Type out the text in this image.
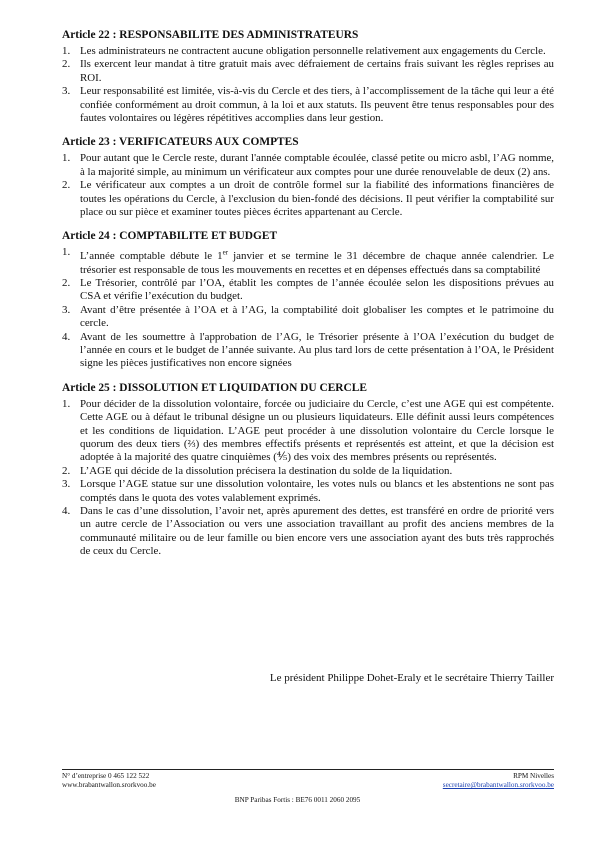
Article 22 : RESPONSABILITE DES ADMINISTRATEURS
1. Les administrateurs ne contractent aucune obligation personnelle relativement aux engagements du Cercle.
2. Ils exercent leur mandat à titre gratuit mais avec défraiement de certains frais suivant les règles reprises au ROI.
3. Leur responsabilité est limitée, vis-à-vis du Cercle et des tiers, à l’accomplissement de la tâche qui leur a été confiée conformément au droit commun, à la loi et aux statuts. Ils peuvent être tenus responsables pour des fautes volontaires ou légères répétitives accomplies dans leur gestion.
Article 23 : VERIFICATEURS AUX COMPTES
1. Pour autant que le Cercle reste, durant l'année comptable écoulée, classé petite ou micro asbl, l’AG nomme, à la majorité simple, au minimum un vérificateur aux comptes pour une durée renouvelable de deux (2) ans.
2. Le vérificateur aux comptes a un droit de contrôle formel sur la fiabilité des informations financières de toutes les opérations du Cercle, à l'exclusion du bien-fondé des décisions. Il peut vérifier la comptabilité sur place ou sur pièce et examiner toutes pièces écrites appartenant au Cercle.
Article 24 : COMPTABILITE ET BUDGET
1. L’année comptable débute le 1er janvier et se termine le 31 décembre de chaque année calendrier. Le trésorier est responsable de tous les mouvements en recettes et en dépenses effectués dans sa comptabilité
2. Le Trésorier, contrôlé par l’OA, établit les comptes de l’année écoulée selon les dispositions prévues au CSA et vérifie l’exécution du budget.
3. Avant d’être présentée à l’OA et à l’AG, la comptabilité doit globaliser les comptes et le patrimoine du cercle.
4. Avant de les soumettre à l'approbation de l’AG, le Trésorier présente à l’OA l’exécution du budget de l’année en cours et le budget de l’année suivante. Au plus tard lors de cette présentation à l’OA, le Président signe les pièces justificatives non encore signées
Article 25 : DISSOLUTION ET LIQUIDATION DU CERCLE
1. Pour décider de la dissolution volontaire, forcée ou judiciaire du Cercle, c’est une AGE qui est compétente. Cette AGE ou à défaut le tribunal désigne un ou plusieurs liquidateurs. Elle définit aussi leurs compétences et les conditions de liquidation. L’AGE peut procéder à une dissolution volontaire du Cercle lorsque le quorum des deux tiers (⅔) des membres effectifs présents et représentés est atteint, et que la décision est adoptée à la majorité des quatre cinquièmes (⅘) des voix des membres présents ou représentés.
2. L’AGE qui décide de la dissolution précisera la destination du solde de la liquidation.
3. Lorsque l’AGE statue sur une dissolution volontaire, les votes nuls ou blancs et les abstentions ne sont pas comptés dans le quota des votes valablement exprimés.
4. Dans le cas d’une dissolution, l’avoir net, après apurement des dettes, est transféré en ordre de priorité vers un autre cercle de l’Association ou vers une association travaillant au profit des anciens membres de la communauté militaire ou de leur famille ou bien encore vers une association ayant des buts très rapprochés de ceux du Cercle.
Le président Philippe Dohet-Eraly et le secrétaire Thierry Tailler
N° d’entreprise 0 465 122 522
www.brabantwallon.srorkvoo.be
RPM Nivelles
secretaire@brabantwallon.srorkvoo.be
BNP Paribas Fortis : BE76 0011 2060 2095
